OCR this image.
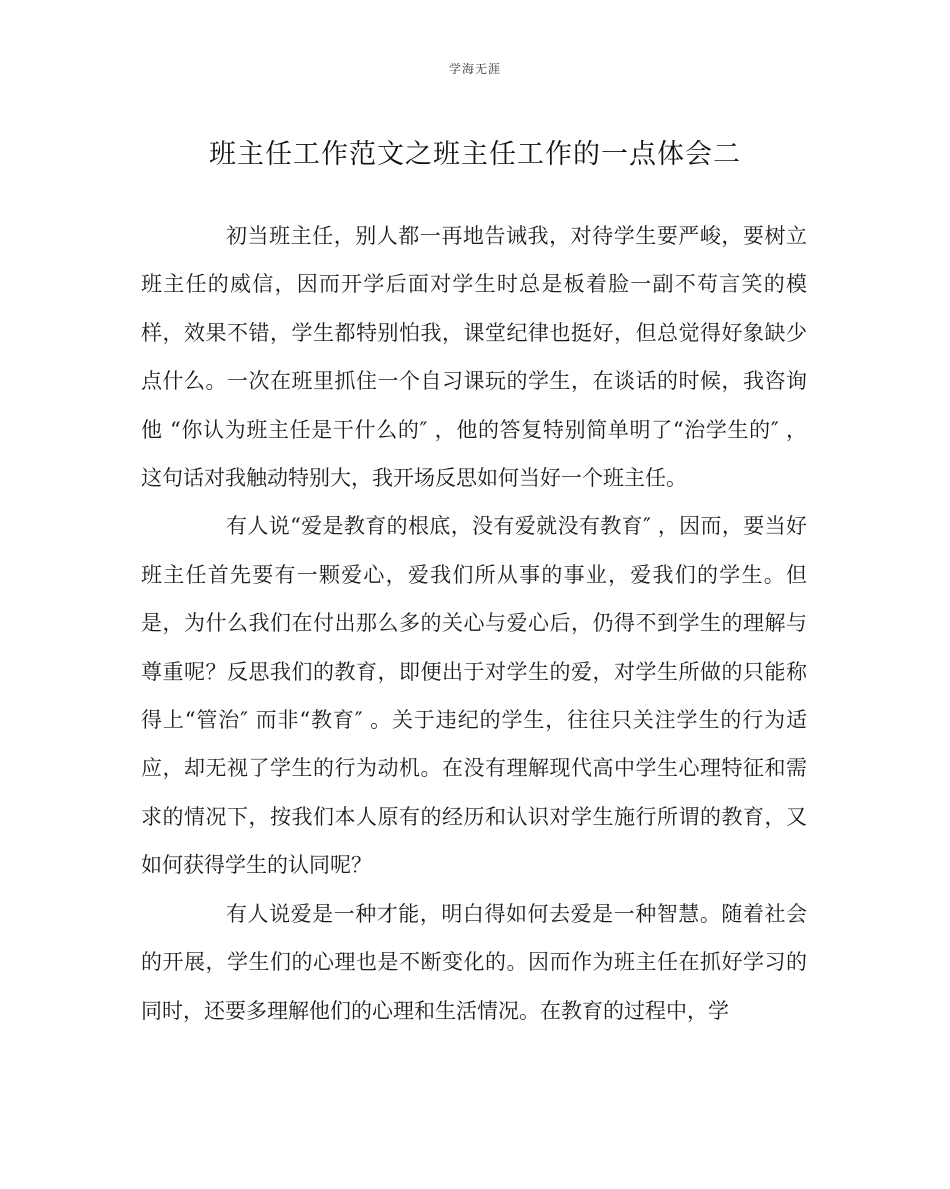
学海无涯
班主任工作范文之班主任工作的一点体会二

初当班主任，别人都一再地告诫我，对待学生要严峻，要树立班主任的威信，因而开学后面对学生时总是板着脸一副不苟言笑的模样，效果不错，学生都特别怕我，课堂纪律也挺好，但总觉得好象缺少点什么。一次在班里抓住一个自习课玩的学生，在谈话的时候，我咨询他 “你认为班主任是干什么的″ ，他的答复特别简单明了“治学生的″ ，这句话对我触动特别大，我开场反思如何当好一个班主任。

有人说“爱是教育的根底，没有爱就没有教育″ ，因而，要当好班主任首先要有一颗爱心，爱我们所从事的事业，爱我们的学生。但是，为什么我们在付出那么多的关心与爱心后，仍得不到学生的理解与尊重呢？反思我们的教育，即便出于对学生的爱，对学生所做的只能称得上“管治″ 而非“教育″ 。关于违纪的学生，往往只关注学生的行为适应，却无视了学生的行为动机。在没有理解现代高中学生心理特征和需求的情况下，按我们本人原有的经历和认识对学生施行所谓的教育，又如何获得学生的认同呢？

有人说爱是一种才能，明白得如何去爱是一种智慧。随着社会的开展，学生们的心理也是不断变化的。因而作为班主任在抓好学习的同时，还要多理解他们的心理和生活情况。在教育的过程中，学
